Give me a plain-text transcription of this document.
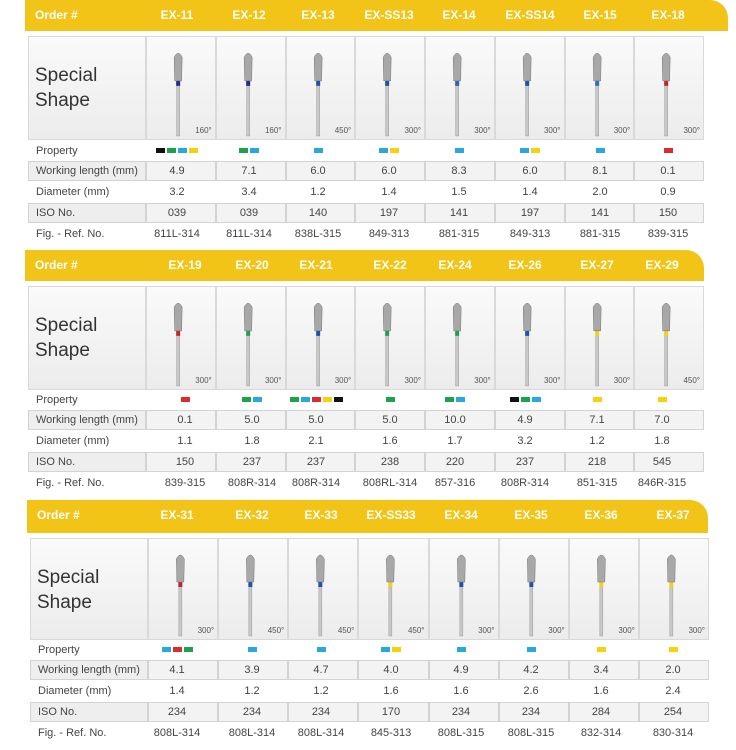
Order #	EX-11	EX-12	EX-13	EX-SS13	EX-14	EX-SS14	EX-15	EX-18
Special
Shape
160°	160°	450°	300°	300°	300°	300°	300°
Property
Working length (mm)	4.9	7.1	6.0	6.0	8.3	6.0	8.1	0.1
Diameter (mm)	3.2	3.4	1.2	1.4	1.5	1.4	2.0	0.9
ISO No.	039	039	140	197	141	197	141	150
Fig. - Ref. No.	811L-314	811L-314	838L-315	849-313	881-315	849-313	881-315	839-315
Order #	EX-19	EX-20	EX-21	EX-22	EX-24	EX-26	EX-27	EX-29
Special
Shape
300°	300°	300°	300°	300°	300°	300°	450°
Property
Working length (mm)	0.1	5.0	5.0	5.0	10.0	4.9	7.1	7.0
Diameter (mm)	1.1	1.8	2.1	1.6	1.7	3.2	1.2	1.8
ISO No.	150	237	237	238	220	237	218	545
Fig. - Ref. No.	839-315	808R-314	808R-314	808RL-314	857-316	808R-314	851-315	846R-315
Order #	EX-31	EX-32	EX-33	EX-SS33	EX-34	EX-35	EX-36	EX-37
Special
Shape
300°	450°	450°	450°	300°	300°	300°	300°
Property
Working length (mm)	4.1	3.9	4.7	4.0	4.9	4.2	3.4	2.0
Diameter (mm)	1.4	1.2	1.2	1.6	1.6	2.6	1.6	2.4
ISO No.	234	234	234	170	234	234	284	254
Fig. - Ref. No.	808L-314	808L-314	808L-314	845-313	808L-315	808L-315	832-314	830-314
